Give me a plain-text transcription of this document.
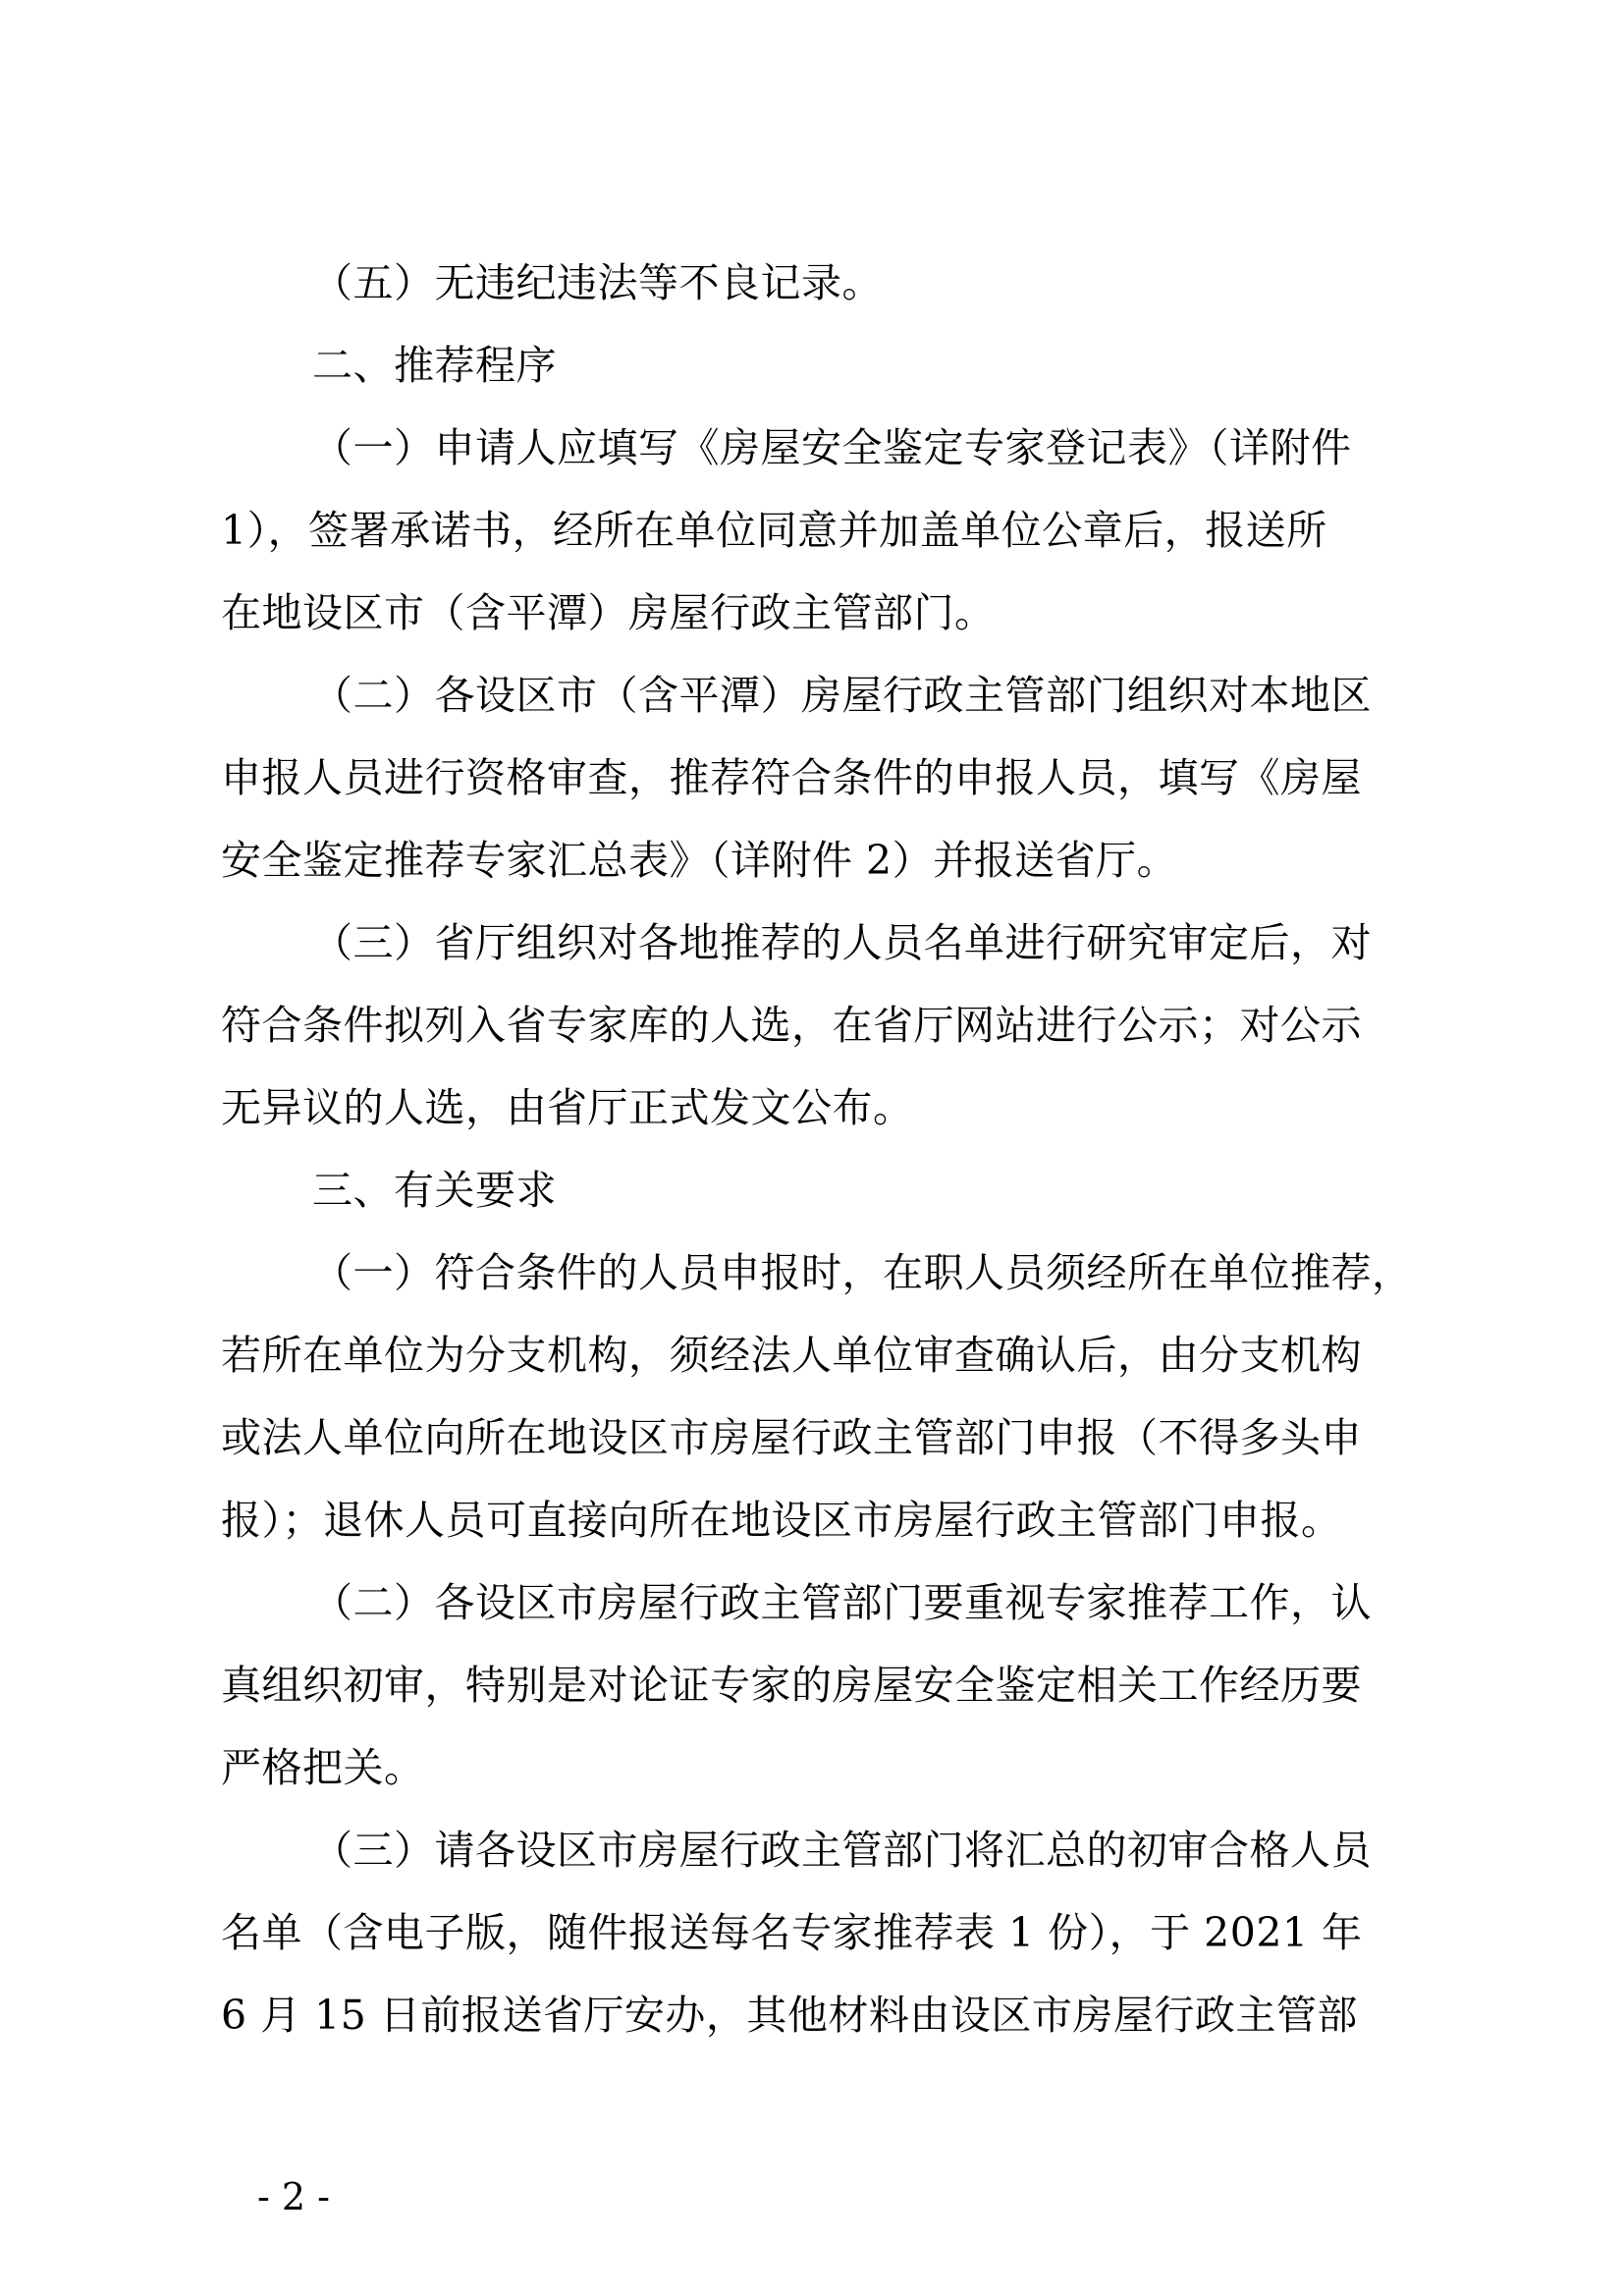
（五）无违纪违法等不良记录。
二、推荐程序
（一）申请人应填写《房屋安全鉴定专家登记表》（详附件
1），签署承诺书，经所在单位同意并加盖单位公章后，报送所
在地设区市（含平潭）房屋行政主管部门。
（二）各设区市（含平潭）房屋行政主管部门组织对本地区
申报人员进行资格审查，推荐符合条件的申报人员，填写《房屋
安全鉴定推荐专家汇总表》（详附件 2）并报送省厅。
（三）省厅组织对各地推荐的人员名单进行研究审定后，对
符合条件拟列入省专家库的人选，在省厅网站进行公示；对公示
无异议的人选，由省厅正式发文公布。
三、有关要求
（一）符合条件的人员申报时，在职人员须经所在单位推荐，
若所在单位为分支机构，须经法人单位审查确认后，由分支机构
或法人单位向所在地设区市房屋行政主管部门申报（不得多头申
报）；退休人员可直接向所在地设区市房屋行政主管部门申报。
（二）各设区市房屋行政主管部门要重视专家推荐工作，认
真组织初审，特别是对论证专家的房屋安全鉴定相关工作经历要
严格把关。
（三）请各设区市房屋行政主管部门将汇总的初审合格人员
名单（含电子版，随件报送每名专家推荐表 1 份），于 2021 年
6 月 15 日前报送省厅安办，其他材料由设区市房屋行政主管部
- 2 -
